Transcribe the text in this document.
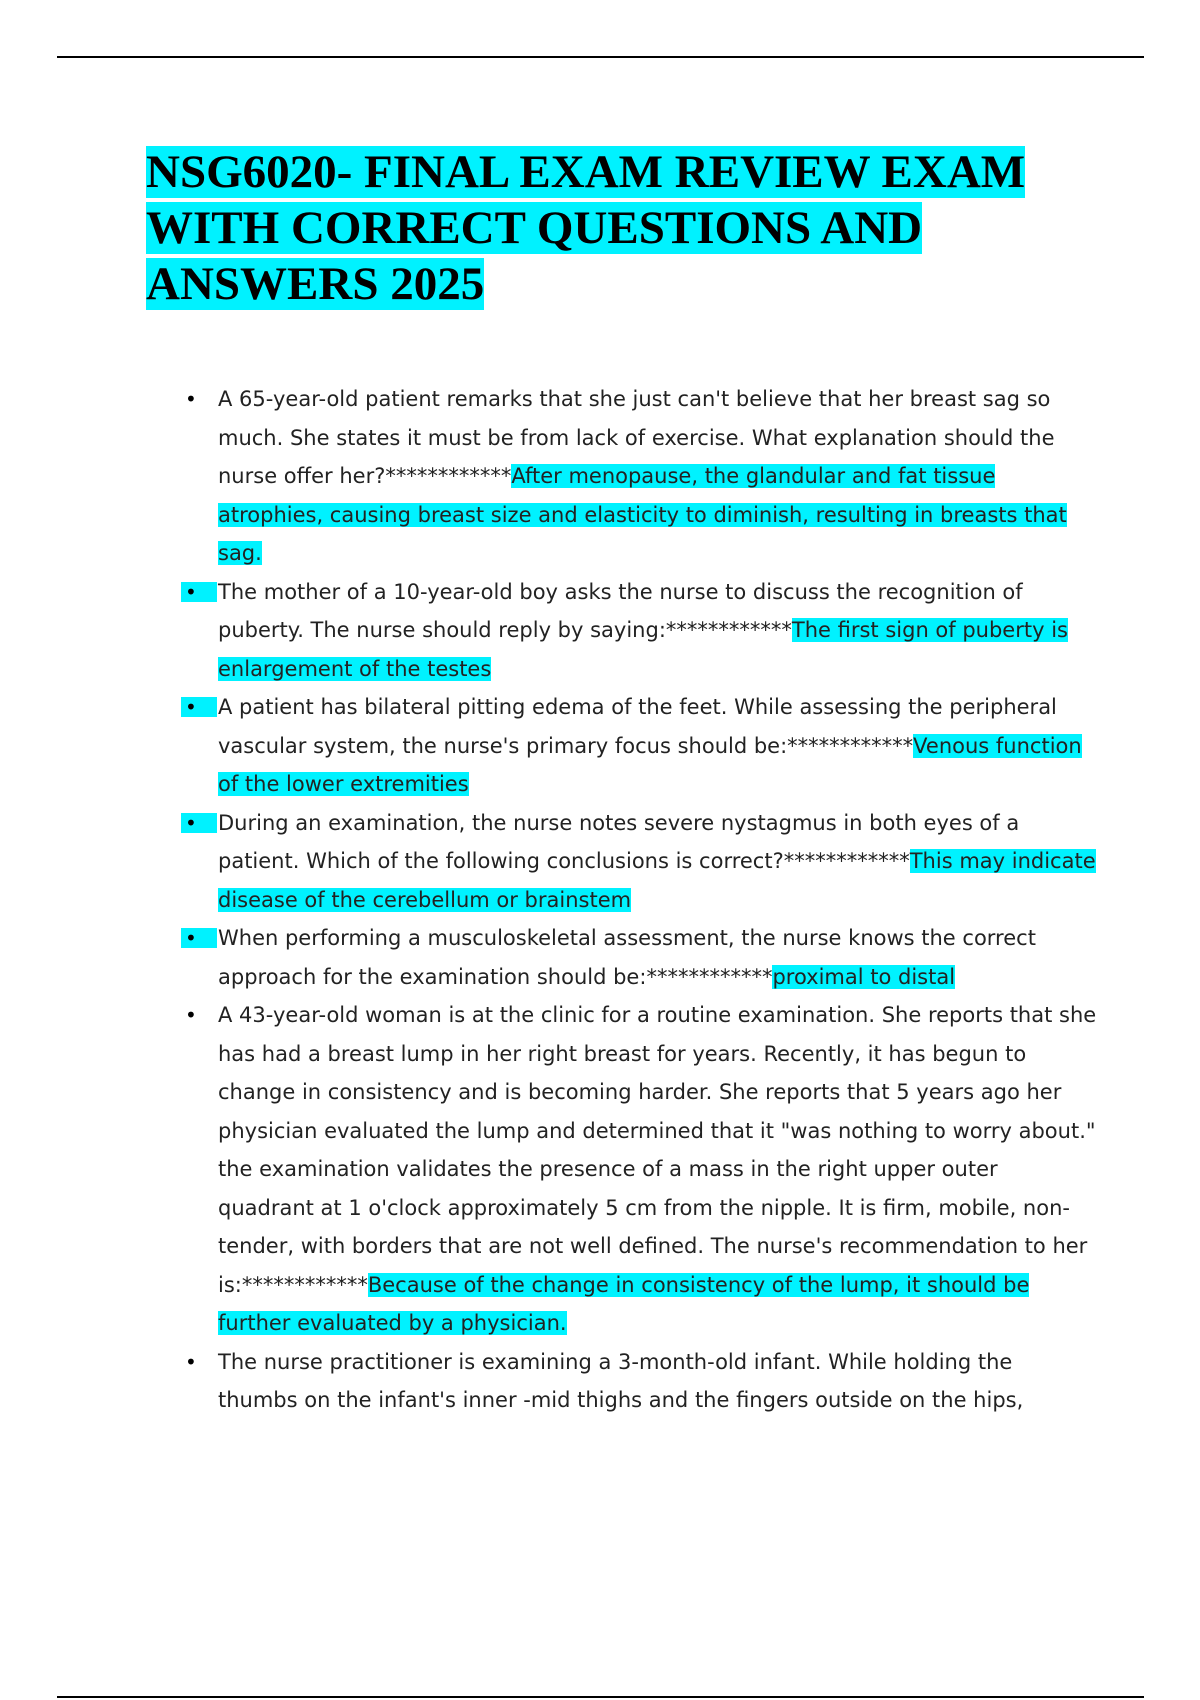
NSG6020- FINAL EXAM REVIEW EXAM WITH CORRECT QUESTIONS AND ANSWERS 2025
•
A 65-year-old patient remarks that she just can't believe that her breast sag so much. She states it must be from lack of exercise. What explanation should the nurse offer her?************After menopause, the glandular and fat tissue atrophies, causing breast size and elasticity to diminish, resulting in breasts that sag.
•
The mother of a 10-year-old boy asks the nurse to discuss the recognition of puberty. The nurse should reply by saying:************The first sign of puberty is enlargement of the testes
•
A patient has bilateral pitting edema of the feet. While assessing the peripheral vascular system, the nurse's primary focus should be:************Venous function of the lower extremities
•
During an examination, the nurse notes severe nystagmus in both eyes of a patient. Which of the following conclusions is correct?************This may indicate disease of the cerebellum or brainstem
•
When performing a musculoskeletal assessment, the nurse knows the correct approach for the examination should be:************proximal to distal
•
A 43-year-old woman is at the clinic for a routine examination. She reports that she has had a breast lump in her right breast for years. Recently, it has begun to change in consistency and is becoming harder. She reports that 5 years ago her physician evaluated the lump and determined that it "was nothing to worry about." the examination validates the presence of a mass in the right upper outer quadrant at 1 o'clock approximately 5 cm from the nipple. It is firm, mobile, non-tender, with borders that are not well defined. The nurse's recommendation to her is:************Because of the change in consistency of the lump, it should be further evaluated by a physician.
•
The nurse practitioner is examining a 3-month-old infant. While holding the thumbs on the infant's inner -mid thighs and the fingers outside on the hips,
